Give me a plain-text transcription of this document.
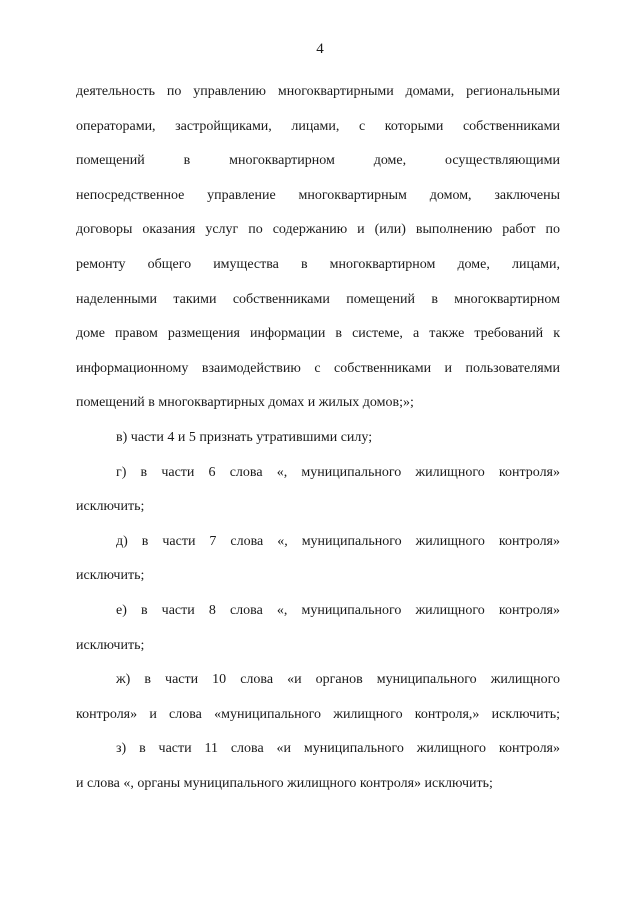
4
деятельность по управлению многоквартирными домами, региональными
операторами, застройщиками, лицами, с которыми собственниками
помещений в многоквартирном доме, осуществляющими
непосредственное управление многоквартирным домом, заключены
договоры оказания услуг по содержанию и (или) выполнению работ по
ремонту общего имущества в многоквартирном доме, лицами,
наделенными такими собственниками помещений в многоквартирном
доме правом размещения информации в системе, а также требований к
информационному взаимодействию с собственниками и пользователями
помещений в многоквартирных домах и жилых домов;»;
в) части 4 и 5 признать утратившими силу;
г) в части 6 слова «, муниципального жилищного контроля»
исключить;
д) в части 7 слова «, муниципального жилищного контроля»
исключить;
е) в части 8 слова «, муниципального жилищного контроля»
исключить;
ж) в части 10 слова «и органов муниципального жилищного
контроля» и слова «муниципального жилищного контроля,» исключить;
з) в части 11 слова «и муниципального жилищного контроля»
и слова «, органы муниципального жилищного контроля» исключить;
